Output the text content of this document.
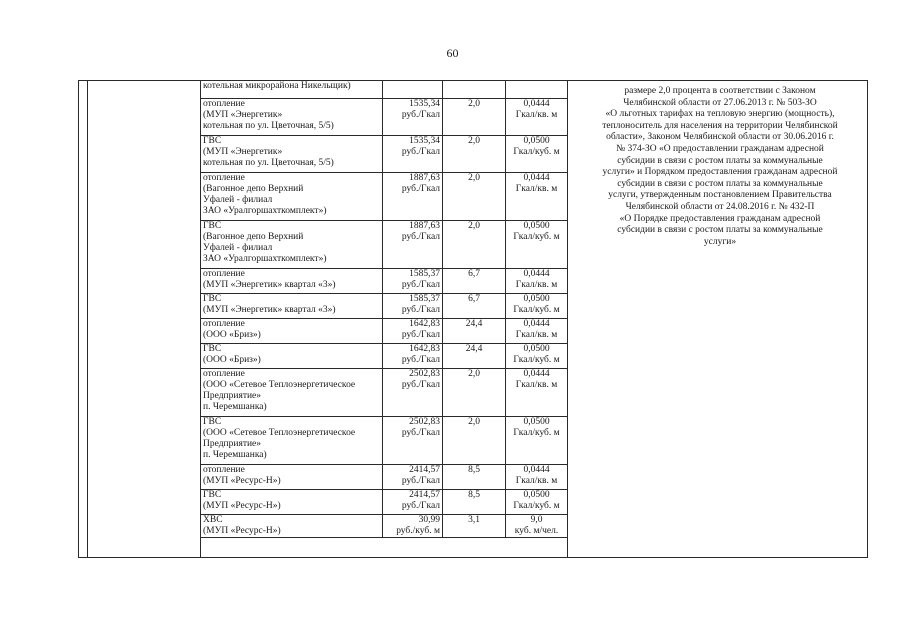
60
котельная микрорайона Никельщик)			

отопление
(МУП «Энергетик»
котельная по ул. Цветочная, 5/5)	1535,34
руб./Гкал	2,0	0,0444
Гкал/кв. м

ГВС
(МУП «Энергетик»
котельная по ул. Цветочная, 5/5)	1535,34
руб./Гкал	2,0	0,0500
Гкал/куб. м

отопление
(Вагонное депо Верхний
Уфалей - филиал
ЗАО «Уралгоршахткомплект»)	1887,63
руб./Гкал	2,0	0,0444
Гкал/кв. м

ГВС
(Вагонное депо Верхний
Уфалей - филиал
ЗАО «Уралгоршахткомплект»)	1887,63
руб./Гкал	2,0	0,0500
Гкал/куб. м

отопление
(МУП «Энергетик» квартал «3»)	1585,37
руб./Гкал	6,7	0,0444
Гкал/кв. м

ГВС
(МУП «Энергетик» квартал «3»)	1585,37
руб./Гкал	6,7	0,0500
Гкал/куб. м

отопление
(ООО «Бриз»)	1642,83
руб./Гкал	24,4	0,0444
Гкал/кв. м

ГВС
(ООО «Бриз»)	1642,83
руб./Гкал	24,4	0,0500
Гкал/куб. м

отопление
(ООО «Сетевое Теплоэнергетическое
Предприятие»
п. Черемшанка)	2502,83
руб./Гкал	2,0	0,0444
Гкал/кв. м

ГВС
(ООО «Сетевое Теплоэнергетическое
Предприятие»
п. Черемшанка)	2502,83
руб./Гкал	2,0	0,0500
Гкал/куб. м

отопление
(МУП «Ресурс-Н»)	2414,57
руб./Гкал	8,5	0,0444
Гкал/кв. м

ГВС
(МУП «Ресурс-Н»)	2414,57
руб./Гкал	8,5	0,0500
Гкал/куб. м

ХВС
(МУП «Ресурс-Н»)	30,99
руб./куб. м	3,1	9,0
куб. м/чел.
размере 2,0 процента в соответствии с Законом
Челябинской области от 27.06.2013 г. № 503-ЗО
«О льготных тарифах на тепловую энергию (мощность),
теплоноситель для населения на территории Челябинской
области», Законом Челябинской области от 30.06.2016 г.
№ 374-ЗО «О предоставлении гражданам адресной
субсидии в связи с ростом платы за коммунальные
услуги» и Порядком предоставления гражданам адресной
субсидии в связи с ростом платы за коммунальные
услуги, утвержденным постановлением Правительства
Челябинской области от 24.08.2016 г. № 432-П
«О Порядке предоставления гражданам адресной
субсидии в связи с ростом платы за коммунальные
услуги»
